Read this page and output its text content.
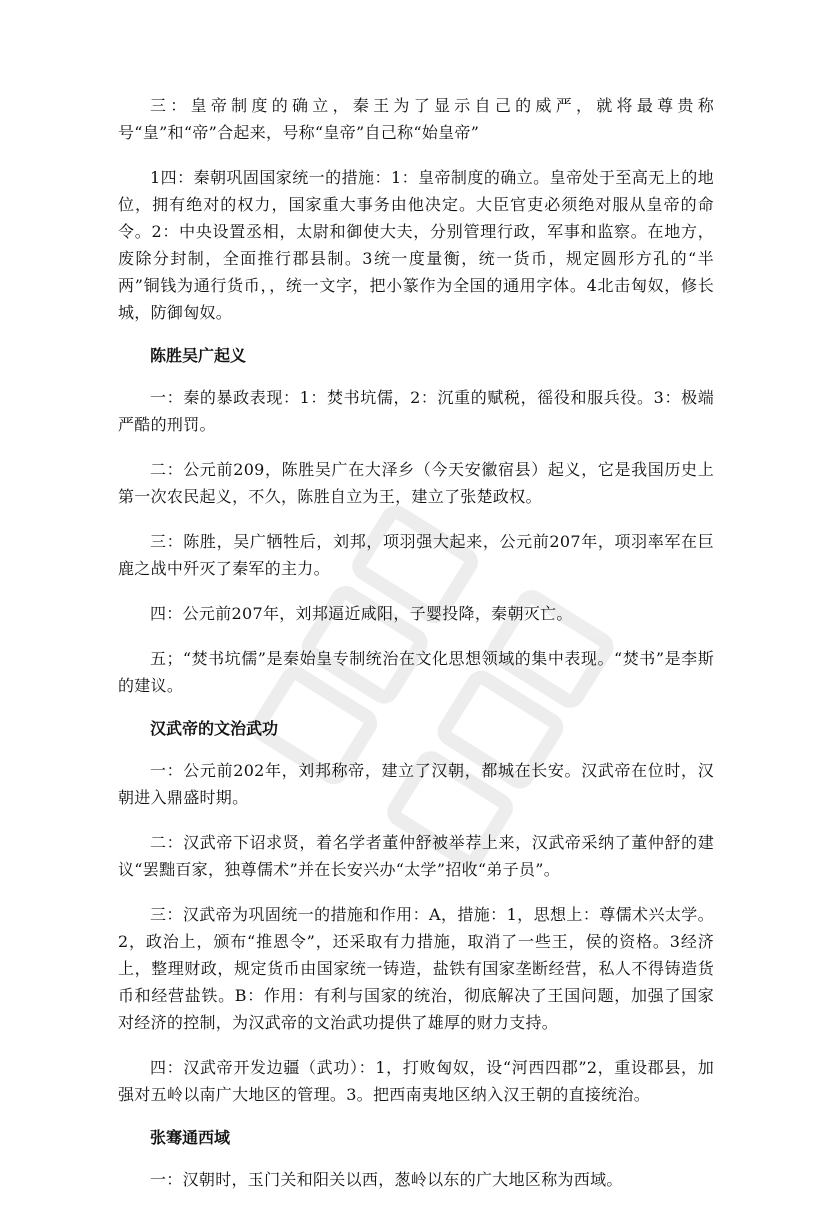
三：皇帝制度的确立，秦王为了显示自己的威严，就将最尊贵称号“皇”和“帝”合起来，号称“皇帝”自己称“始皇帝”

1四：秦朝巩固国家统一的措施：1：皇帝制度的确立。皇帝处于至高无上的地位，拥有绝对的权力，国家重大事务由他决定。大臣官吏必须绝对服从皇帝的命令。2：中央设置丞相，太尉和御使大夫，分别管理行政，军事和监察。在地方，废除分封制，全面推行郡县制。3统一度量衡，统一货币，规定圆形方孔的“半两”铜钱为通行货币，，统一文字，把小篆作为全国的通用字体。4北击匈奴，修长城，防御匈奴。

陈胜吴广起义

一：秦的暴政表现：1：焚书坑儒，2：沉重的赋税，徭役和服兵役。3：极端严酷的刑罚。

二：公元前209，陈胜吴广在大泽乡（今天安徽宿县）起义，它是我国历史上第一次农民起义，不久，陈胜自立为王，建立了张楚政权。

三：陈胜，吴广牺牲后，刘邦，项羽强大起来，公元前207年，项羽率军在巨鹿之战中歼灭了秦军的主力。

四：公元前207年，刘邦逼近咸阳，子婴投降，秦朝灭亡。

五；“焚书坑儒”是秦始皇专制统治在文化思想领域的集中表现。“焚书”是李斯的建议。

汉武帝的文治武功

一：公元前202年，刘邦称帝，建立了汉朝，都城在长安。汉武帝在位时，汉朝进入鼎盛时期。

二：汉武帝下诏求贤，着名学者董仲舒被举荐上来，汉武帝采纳了董仲舒的建议“罢黜百家，独尊儒术”并在长安兴办“太学”招收“弟子员”。

三：汉武帝为巩固统一的措施和作用：A，措施：1，思想上：尊儒术兴太学。2，政治上，颁布“推恩令”，还采取有力措施，取消了一些王，侯的资格。3经济上，整理财政，规定货币由国家统一铸造，盐铁有国家垄断经营，私人不得铸造货币和经营盐铁。B：作用：有利与国家的统治，彻底解决了王国问题，加强了国家对经济的控制，为汉武帝的文治武功提供了雄厚的财力支持。

四：汉武帝开发边疆（武功）：1，打败匈奴，设“河西四郡”2，重设郡县，加强对五岭以南广大地区的管理。3。把西南夷地区纳入汉王朝的直接统治。

张骞通西域

一：汉朝时，玉门关和阳关以西，葱岭以东的广大地区称为西域。
